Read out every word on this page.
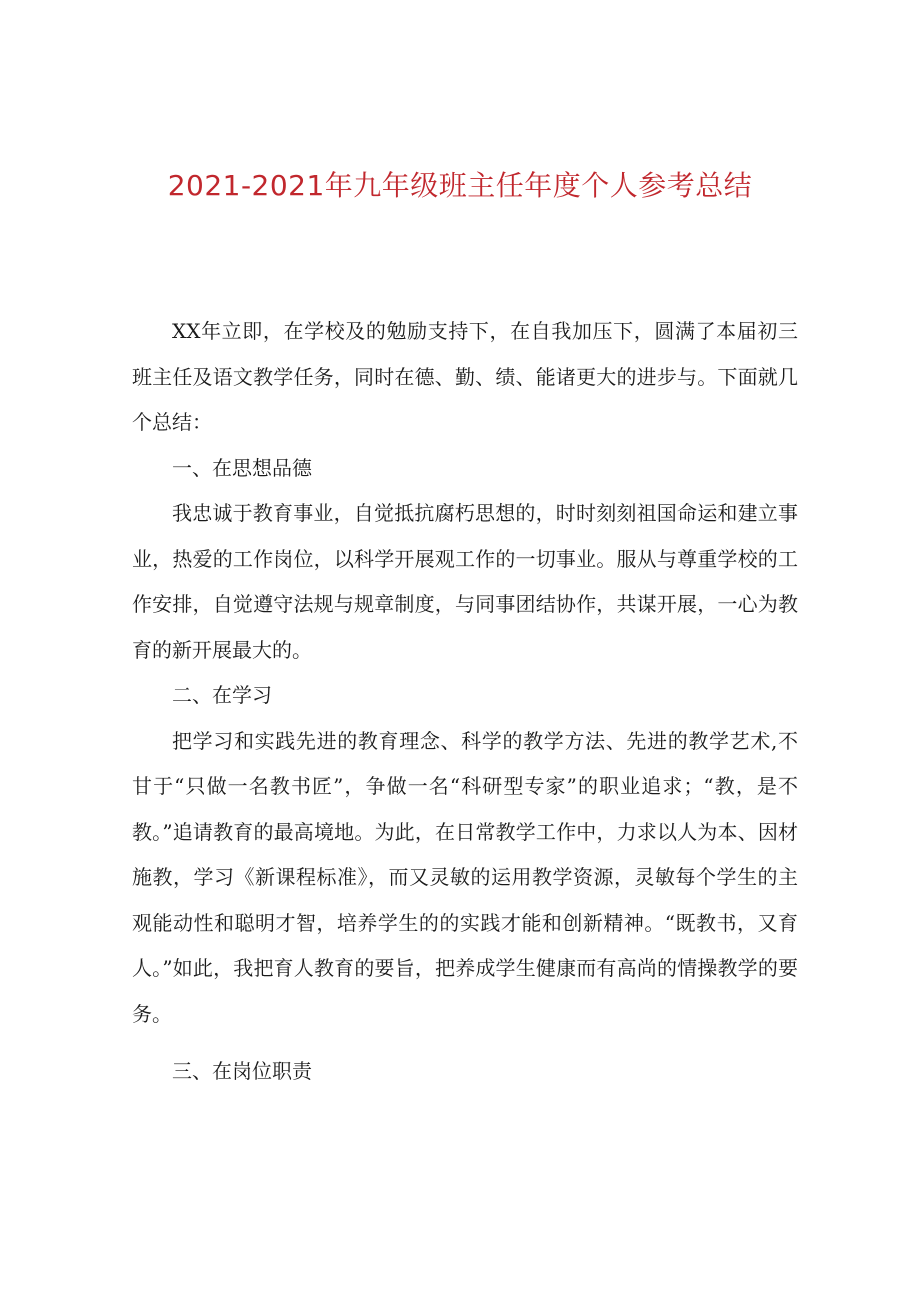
2021-2021年九年级班主任年度个人参考总结

XX年立即，在学校及的勉励支持下，在自我加压下，圆满了本届初三班主任及语文教学任务，同时在德、勤、绩、能诸更大的进步与。下面就几个总结：

一、在思想品德

我忠诚于教育事业，自觉抵抗腐朽思想的，时时刻刻祖国命运和建立事业，热爱的工作岗位，以科学开展观工作的一切事业。服从与尊重学校的工作安排，自觉遵守法规与规章制度，与同事团结协作，共谋开展，一心为教育的新开展最大的。

二、在学习

把学习和实践先进的教育理念、科学的教学方法、先进的教学艺术,不甘于“只做一名教书匠”，争做一名“科研型专家”的职业追求；“教，是不教。”追请教育的最高境地。为此，在日常教学工作中，力求以人为本、因材施教，学习《新课程标准》，而又灵敏的运用教学资源，灵敏每个学生的主观能动性和聪明才智，培养学生的的实践才能和创新精神。“既教书，又育人。”如此，我把育人教育的要旨，把养成学生健康而有高尚的情操教学的要务。

三、在岗位职责
